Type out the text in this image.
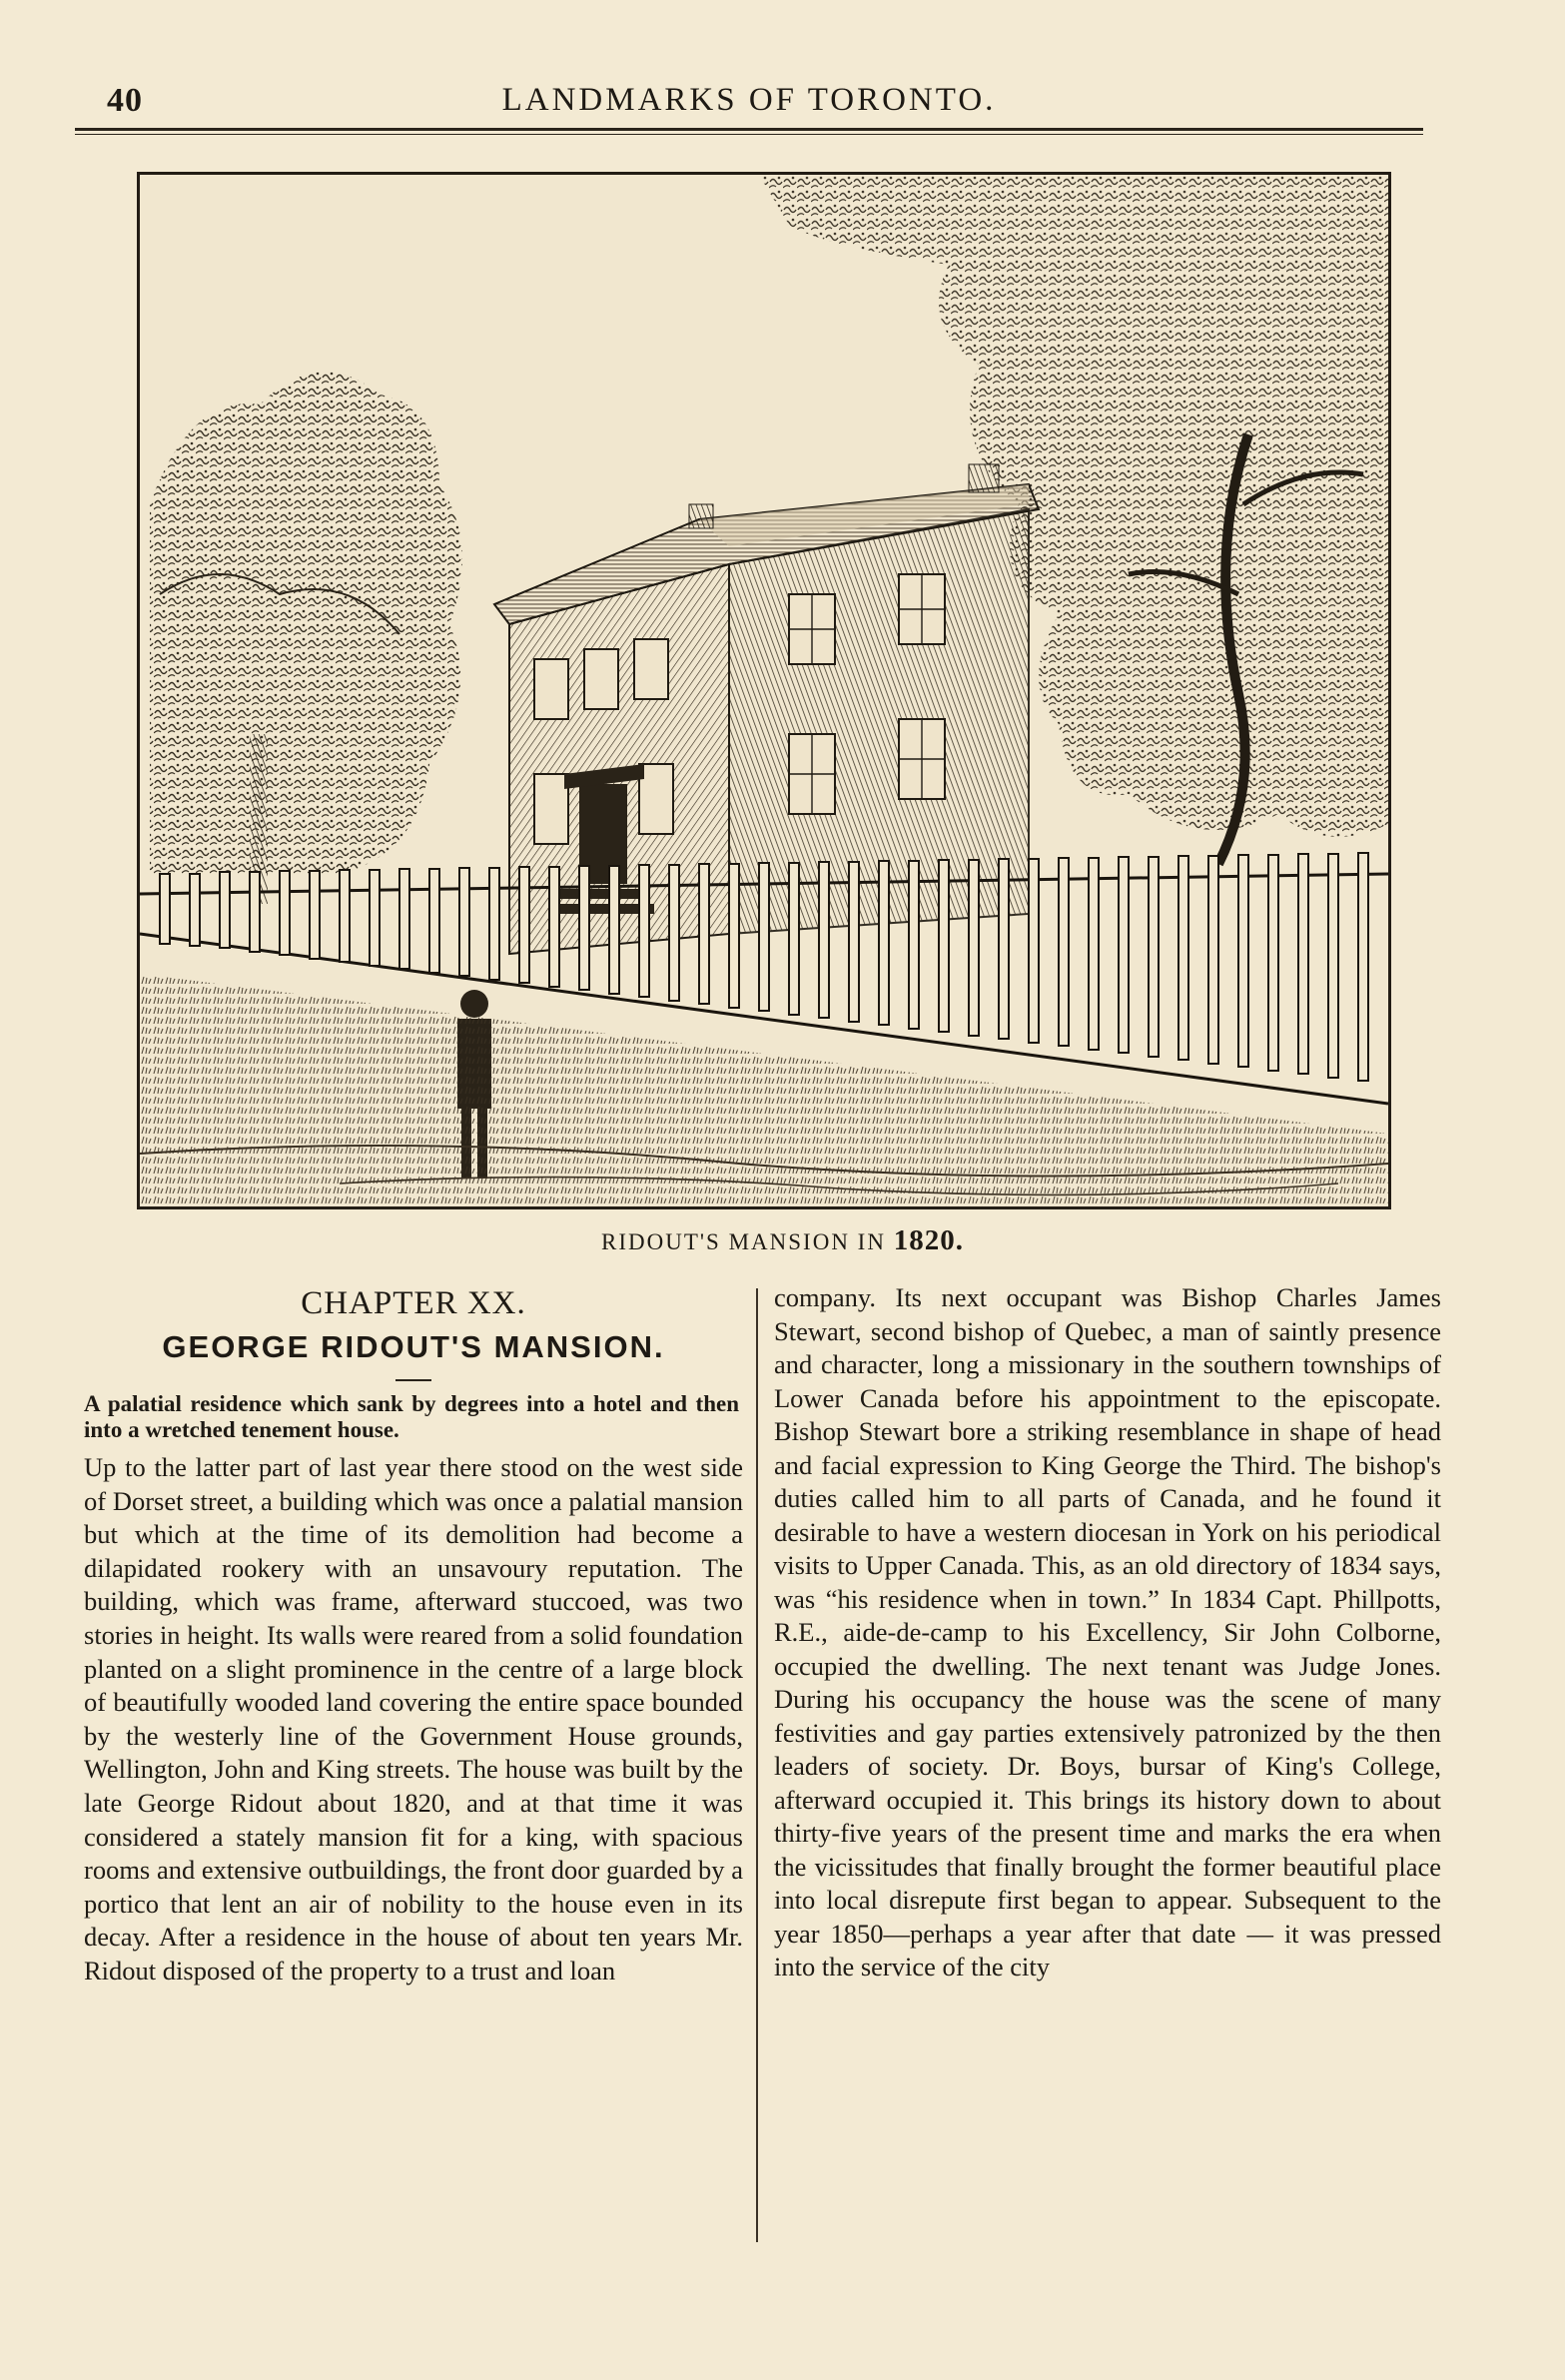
40	LANDMARKS OF TORONTO.
RIDOUT'S MANSION IN 1820.
CHAPTER XX.
GEORGE RIDOUT'S MANSION.

A palatial residence which sank by degrees into a hotel and then into a wretched tenement house.

Up to the latter part of last year there stood on the west side of Dorset street, a building which was once a palatial mansion but which at the time of its demolition had become a dilapidated rookery with an unsavoury reputation. The building, which was frame, afterward stuccoed, was two stories in height. Its walls were reared from a solid foundation planted on a slight prominence in the centre of a large block of beautifully wooded land covering the entire space bounded by the westerly line of the Government House grounds, Wellington, John and King streets. The house was built by the late George Ridout about 1820, and at that time it was considered a stately mansion fit for a king, with spacious rooms and extensive outbuildings, the front door guarded by a portico that lent an air of nobility to the house even in its decay. After a residence in the house of about ten years Mr. Ridout disposed of the property to a trust and loan

company. Its next occupant was Bishop Charles James Stewart, second bishop of Quebec, a man of saintly presence and character, long a missionary in the southern townships of Lower Canada before his appointment to the episcopate. Bishop Stewart bore a striking resemblance in shape of head and facial expression to King George the Third. The bishop's duties called him to all parts of Canada, and he found it desirable to have a western diocesan in York on his periodical visits to Upper Canada. This, as an old directory of 1834 says, was “his residence when in town.” In 1834 Capt. Phillpotts, R.E., aide-de-camp to his Excellency, Sir John Colborne, occupied the dwelling. The next tenant was Judge Jones. During his occupancy the house was the scene of many festivities and gay parties extensively patronized by the then leaders of society. Dr. Boys, bursar of King's College, afterward occupied it. This brings its history down to about thirty-five years of the present time and marks the era when the vicissitudes that finally brought the former beautiful place into local disrepute first began to appear. Subsequent to the year 1850—perhaps a year after that date — it was pressed into the service of the city
